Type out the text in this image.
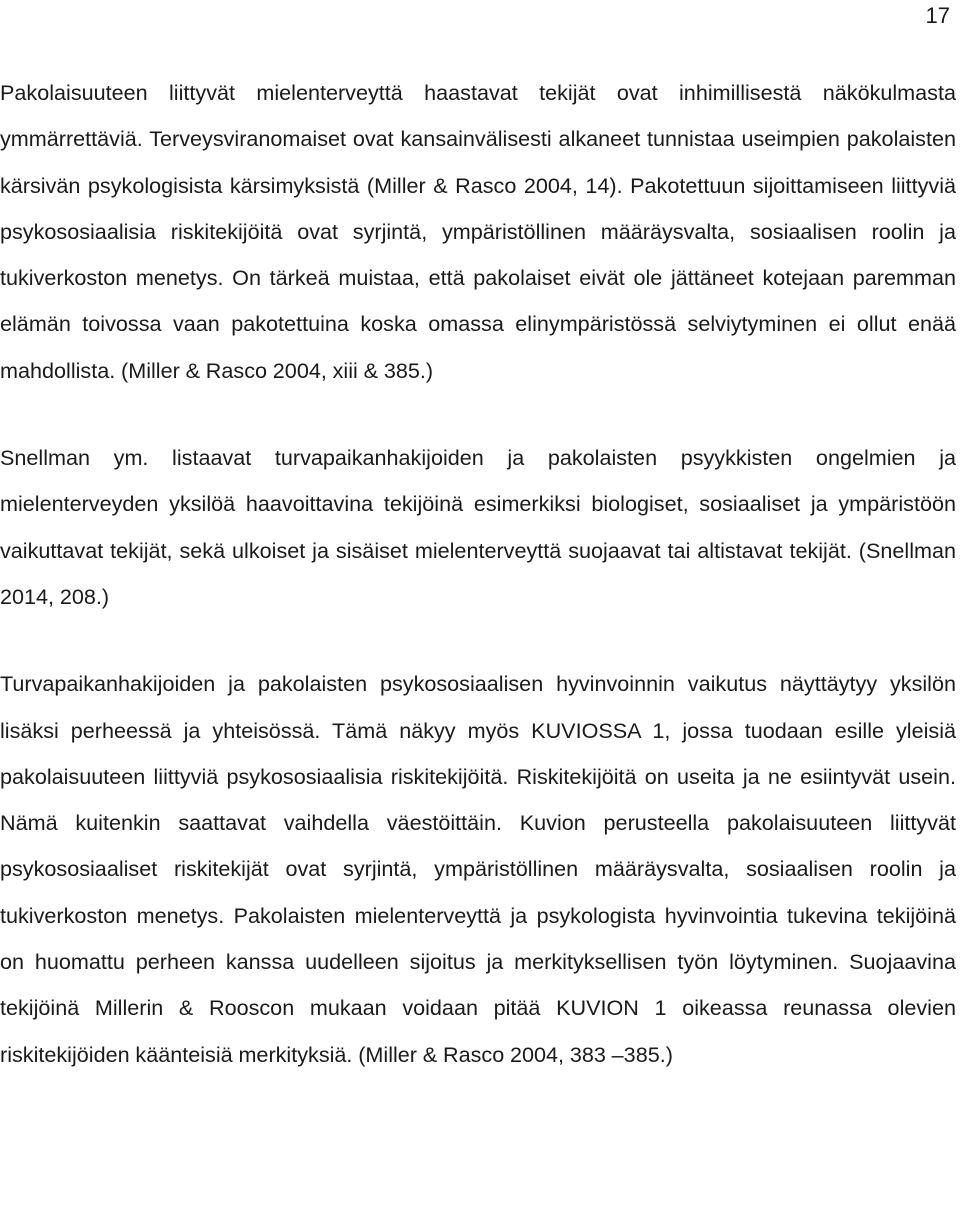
17

Pakolaisuuteen liittyvät mielenterveyttä haastavat tekijät ovat inhimillisestä näkökulmasta ymmärrettäviä. Terveysviranomaiset ovat kansainvälisesti alkaneet tunnistaa useimpien pakolaisten kärsivän psykologisista kärsimyksistä (Miller & Rasco 2004, 14). Pakotettuun sijoittamiseen liittyviä psykososiaalisia riskitekijöitä ovat syrjintä, ympäristöllinen määräysvalta, sosiaalisen roolin ja tukiverkoston menetys. On tärkeä muistaa, että pakolaiset eivät ole jättäneet kotejaan paremman elämän toivossa vaan pakotettuina koska omassa elinympäristössä selviytyminen ei ollut enää mahdollista. (Miller & Rasco 2004, xiii & 385.)

Snellman ym. listaavat turvapaikanhakijoiden ja pakolaisten psyykkisten ongelmien ja mielenterveyden yksilöä haavoittavina tekijöinä esimerkiksi biologiset, sosiaaliset ja ympäristöön vaikuttavat tekijät, sekä ulkoiset ja sisäiset mielenterveyttä suojaavat tai altistavat tekijät. (Snellman 2014, 208.)

Turvapaikanhakijoiden ja pakolaisten psykososiaalisen hyvinvoinnin vaikutus näyttäytyy yksilön lisäksi perheessä ja yhteisössä. Tämä näkyy myös KUVIOSSA 1, jossa tuodaan esille yleisiä pakolaisuuteen liittyviä psykososiaalisia riskitekijöitä. Riskitekijöitä on useita ja ne esiintyvät usein. Nämä kuitenkin saattavat vaihdella väestöittäin. Kuvion perusteella pakolaisuuteen liittyvät psykososiaaliset riskitekijät ovat syrjintä, ympäristöllinen määräysvalta, sosiaalisen roolin ja tukiverkoston menetys. Pakolaisten mielenterveyttä ja psykologista hyvinvointia tukevina tekijöinä on huomattu perheen kanssa uudelleen sijoitus ja merkityksellisen työn löytyminen. Suojaavina tekijöinä Millerin & Rooscon mukaan voidaan pitää KUVION 1 oikeassa reunassa olevien riskitekijöiden käänteisiä merkityksiä. (Miller & Rasco 2004, 383 –385.)
